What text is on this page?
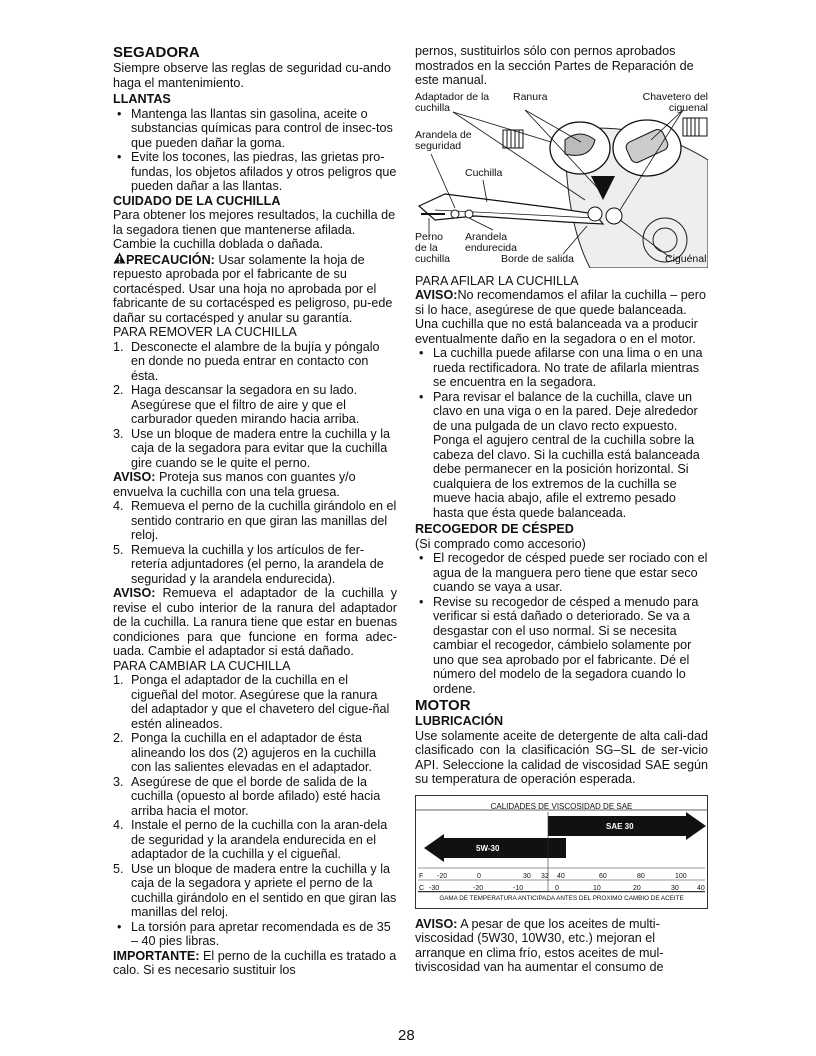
SEGADORA

Siempre observe las reglas de seguridad cu-ando haga el mantenimiento.

LLANTAS

• Mantenga las llantas sin gasolina, aceite o substancias químicas para control de insec-tos que pueden dañar la goma.
• Evite los tocones, las piedras, las grietas pro-fundas, los objetos afilados y otros peligros que pueden dañar a las llantas.

CUIDADO DE LA CUCHILLA

Para obtener los mejores resultados, la cuchilla de la segadora tienen que mantenerse afilada. Cambie la cuchilla doblada o dañada.

PRECAUCIÓN: Usar solamente la hoja de repuesto aprobada por el fabricante de su cortacésped. Usar una hoja no aprobada por el fabricante de su cortacésped es peligroso, pu-ede dañar su cortacésped y anular su garantía.

PARA REMOVER LA CUCHILLA

1. Desconecte el alambre de la bujía y póngalo en donde no pueda entrar en contacto con ésta.
2. Haga descansar la segadora en su lado. Asegúrese que el filtro de aire y que el carburador queden mirando hacia arriba.
3. Use un bloque de madera entre la cuchilla y la caja de la segadora para evitar que la cuchilla gire cuando se le quite el perno.

AVISO: Proteja sus manos con guantes y/o envuelva la cuchilla con una tela gruesa.

4. Remueva el perno de la cuchilla girándolo en el sentido contrario en que giran las manillas del reloj.
5. Remueva la cuchilla y los artículos de fer-retería adjuntadores (el perno, la arandela de seguridad y la arandela endurecida).

AVISO: Remueva el adaptador de la cuchilla y revise el cubo interior de la ranura del adaptador de la cuchilla. La ranura tiene que estar en buenas condiciones para que funcione en forma adec-uada. Cambie el adaptador si está dañado.

PARA CAMBIAR LA CUCHILLA

1. Ponga el adaptador de la cuchilla en el cigueñal del motor. Asegúrese que la ranura del adaptador y que el chavetero del cigue-ñal estén alineados.
2. Ponga la cuchilla en el adaptador de ésta alineando los dos (2) agujeros en la cuchilla con las salientes elevadas en el adaptador.
3. Asegúrese de que el borde de salida de la cuchilla (opuesto al borde afilado) esté hacia arriba hacia el motor.
4. Instale el perno de la cuchilla con la aran-dela de seguridad y la arandela endurecida en el adaptador de la cuchilla y el cigueñal.
5. Use un bloque de madera entre la cuchilla y la caja de la segadora y apriete el perno de la cuchilla girándolo en el sentido en que giran las manillas del reloj.
• La torsión para apretar recomendada es de 35 – 40 pies libras.

IMPORTANTE: El perno de la cuchilla es tratado a calo. Si es necesario sustituir los

pernos, sustituirlos sólo con pernos aprobados mostrados en la sección Partes de Reparación de este manual.

Adaptador de la cuchilla
Ranura	Chavetero del ciguenal
Arandela de seguridad
Cuchilla
Perno de la cuchilla
Arandela endurecida
Borde de salida	Ciguénal

PARA AFILAR LA CUCHILLA

AVISO:No recomendamos el afilar la cuchilla – pero si lo hace, asegúrese de que quede balanceada. Una cuchilla que no está balanceada va a producir eventualmente daño en la segadora o en el motor.

• La cuchilla puede afilarse con una lima o en una rueda rectificadora. No trate de afilarla mientras se encuentra en la segadora.
• Para revisar el balance de la cuchilla, clave un clavo en una viga o en la pared. Deje alrededor de una pulgada de un clavo recto expuesto. Ponga el agujero central de la cuchilla sobre la cabeza del clavo. Si la cuchilla está balanceada debe permanecer en la posición horizontal. Si cualquiera de los extremos de la cuchilla se mueve hacia abajo, afile el extremo pesado hasta que ésta quede balanceada.

RECOGEDOR DE CÉSPED

(Si comprado como accesorio)

• El recogedor de césped puede ser rociado con el agua de la manguera pero tiene que estar seco cuando se vaya a usar.
• Revise su recogedor de césped a menudo para verificar si está dañado o deteriorado. Se va a desgastar con el uso normal. Si se necesita cambiar el recogedor, cámbielo solamente por uno que sea aprobado por el fabricante. Dé el número del modelo de la segadora cuando lo ordene.

MOTOR

LUBRICACIÓN

Use solamente aceite de detergente de alta cali-dad clasificado con la clasificación SG–SL de ser-vicio API. Seleccione la calidad de viscosidad SAE según su temperatura de operación esperada.

CALIDADES DE VISCOSIDAD DE SAE
SAE 30
5W-30
F -20	0	30 32 40	60	80	100
C -30	-20	-10	0	10	20	30	40
GAMA DE TEMPERATURA ANTICIPADA ANTES DEL PROXIMO CAMBIO DE ACEITE

AVISO: A pesar de que los aceites de multi-viscosidad (5W30, 10W30, etc.) mejoran el arranque en clima frío, estos aceites de mul-tiviscosidad van ha aumentar el consumo de

28
